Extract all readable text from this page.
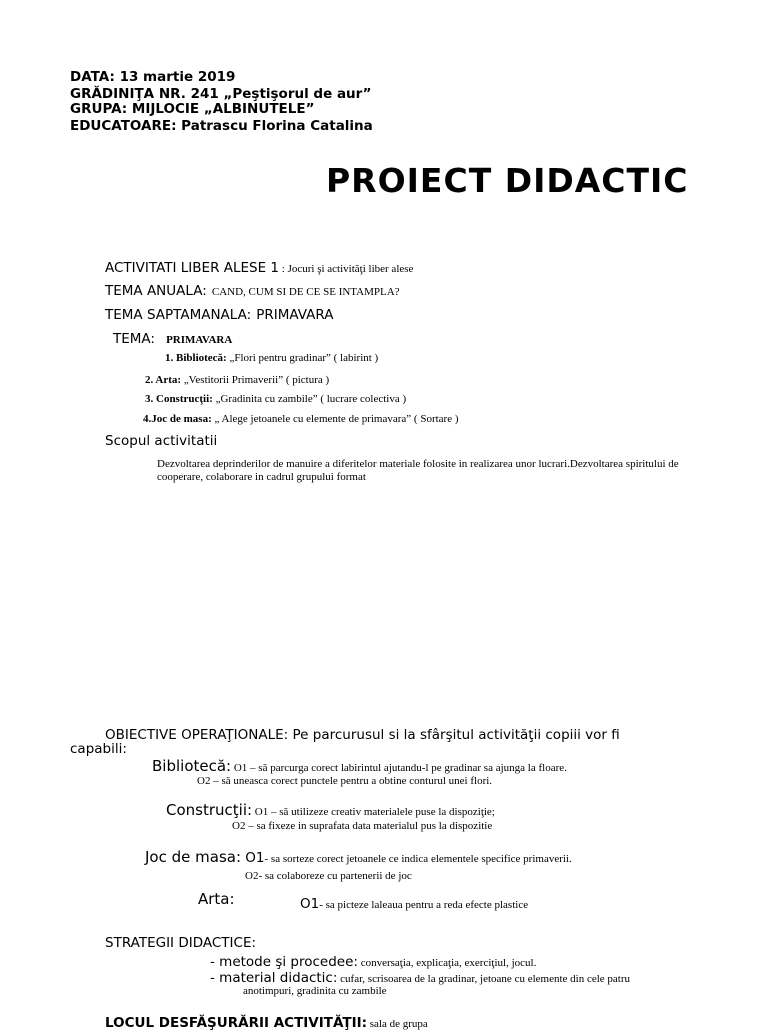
DATA: 13 martie 2019
GRĂDINIŢA NR. 241 „Peştişorul de aur”
GRUPA: MIJLOCIE „ALBINUTELE”
EDUCATOARE: Patrascu Florina Catalina
PROIECT DIDACTIC
ACTIVITATI LIBER ALESE 1 : Jocuri şi activităţi liber alese
TEMA ANUALA: CAND, CUM SI DE CE SE INTAMPLA?
TEMA SAPTAMANALA: PRIMAVARA
TEMA: PRIMAVARA
1. Bibliotecă: „Flori pentru gradinar” ( labirint )
2. Arta: „Vestitorii Primaverii” ( pictura )
3. Construcţii: „Gradinita cu zambile” ( lucrare colectiva )
4.Joc de masa: „ Alege jetoanele cu elemente de primavara” ( Sortare )
Scopul activitatii
Dezvoltarea deprinderilor de manuire a diferitelor materiale folosite in realizarea unor lucrari.Dezvoltarea spiritului de cooperare, colaborare in cadrul grupului format
OBIECTIVE OPERAŢIONALE: Pe parcurusul si la sfârşitul activităţii copiii vor fi
capabili:
Bibliotecă: O1 – să parcurga corect labirintul ajutandu-l pe gradinar sa ajunga la floare.
O2 – să uneasca corect punctele pentru a obtine conturul unei flori.
Construcţii: O1 – să utilizeze creativ materialele puse la dispoziţie;
O2 – sa fixeze in suprafata data materialul pus la dispozitie
Joc de masa: O1- sa sorteze corect jetoanele ce indica elementele specifice primaverii.
O2- sa colaboreze cu partenerii de joc
Arta:	O1- sa picteze laleaua pentru a reda efecte plastice
STRATEGII DIDACTICE:
- metode şi procedee: conversaţia, explicaţia, exerciţiul, jocul.
- material didactic: cufar, scrisoarea de la gradinar, jetoane cu elemente din cele patru
anotimpuri, gradinita cu zambile
LOCUL DESFĂŞURĂRII ACTIVITĂŢII: sala de grupa
